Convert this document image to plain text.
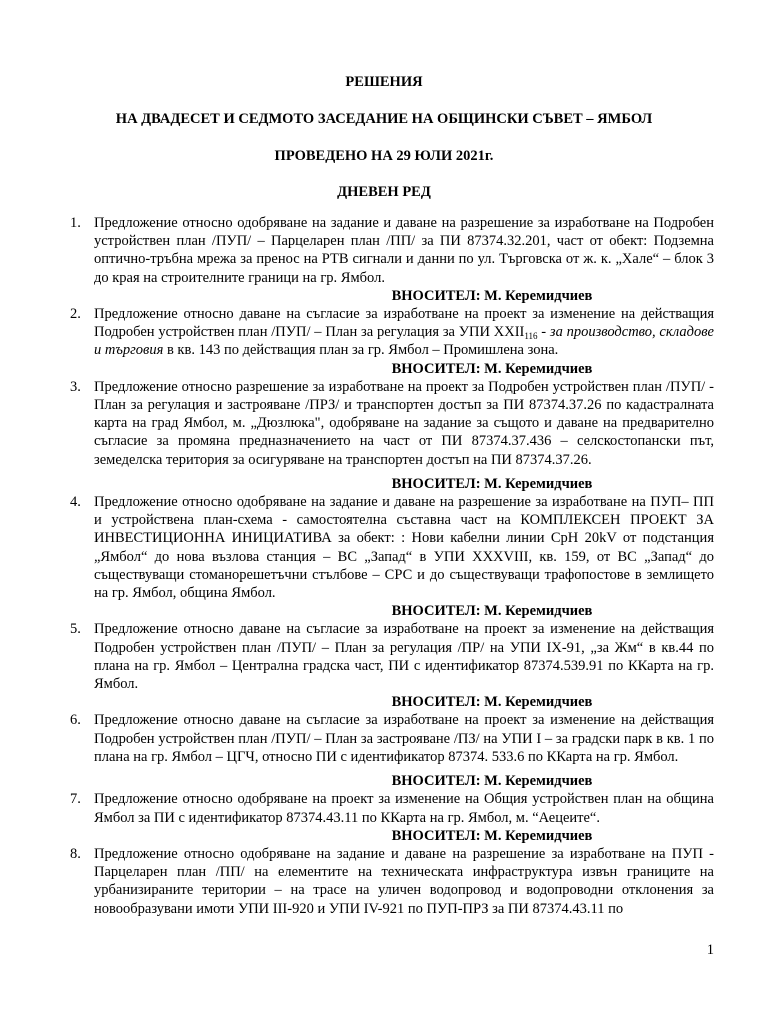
РЕШЕНИЯ
НА ДВАДЕСЕТ И СЕДМОТО ЗАСЕДАНИЕ НА ОБЩИНСКИ СЪВЕТ – ЯМБОЛ
ПРОВЕДЕНО НА 29 ЮЛИ 2021г.
ДНЕВЕН РЕД
1. Предложение относно одобряване на задание и даване на разрешение за изработване на Подробен устройствен план /ПУП/ – Парцеларен план /ПП/ за ПИ 87374.32.201, част от обект: Подземна оптично-тръбна мрежа за пренос на РТВ сигнали и данни по ул. Търговска от ж. к. „Хале“ – блок 3 до края на строителните граници на гр. Ямбол.

ВНОСИТЕЛ: М. Керемидчиев

2. Предложение относно даване на съгласие за изработване на проект за изменение на действащия Подробен устройствен план /ПУП/ – План за регулация за УПИ $XXII_{116}$ - за производство, складове и търговия в кв. 143 по действащия план за гр. Ямбол – Промишлена зона.

ВНОСИТЕЛ: М. Керемидчиев

3. Предложение относно разрешение за изработване на проект за Подробен устройствен план /ПУП/ - План за регулация и застрояване /ПРЗ/ и транспортен достъп за ПИ 87374.37.26 по кадастралната карта на град Ямбол, м. „Дюзлюка", одобряване на задание за същото и даване на предварително съгласие за промяна предназначението на част от ПИ 87374.37.436 – селскостопански път, земеделска територия за осигуряване на транспортен достъп на ПИ 87374.37.26.

ВНОСИТЕЛ: М. Керемидчиев

4. Предложение относно одобряване на задание и даване на разрешение за изработване на ПУП– ПП и устройствена план-схема - самостоятелна съставна част на КОМПЛЕКСЕН ПРОЕКТ ЗА ИНВЕСТИЦИОННА ИНИЦИАТИВА за обект: : Нови кабелни линии СрН 20kV от подстанция „Ямбол“ до нова възлова станция – ВС „Запад“ в УПИ XXXVIII, кв. 159, от ВС „Запад“ до съществуващи стоманорешетъчни стълбове – СРС и до съществуващи трафопостове в землището на гр. Ямбол, община Ямбол.

ВНОСИТЕЛ: М. Керемидчиев

5. Предложение относно даване на съгласие за изработване на проект за изменение на действащия Подробен устройствен план /ПУП/ – План за регулация /ПР/ на УПИ IX-91, „за Жм“ в кв.44 по плана на гр. Ямбол – Централна градска част, ПИ с идентификатор 87374.539.91 по ККарта на гр. Ямбол.

ВНОСИТЕЛ: М. Керемидчиев

6. Предложение относно даване на съгласие за изработване на проект за изменение на действащия Подробен устройствен план /ПУП/ – План за застрояване /ПЗ/ на УПИ I – за градски парк в кв. 1 по плана на гр. Ямбол – ЦГЧ, относно ПИ с идентификатор 87374. 533.6 по ККарта на гр. Ямбол.

ВНОСИТЕЛ: М. Керемидчиев

7. Предложение относно одобряване на проект за изменение на Общия устройствен план на община Ямбол за ПИ с идентификатор 87374.43.11 по ККарта на гр. Ямбол, м. “Аецеите“.

ВНОСИТЕЛ: М. Керемидчиев

8. Предложение относно одобряване на задание и даване на разрешение за изработване на ПУП - Парцеларен план /ПП/ на елементите на техническата инфраструктура извън границите на урбанизираните територии – на трасе на уличен водопровод и водопроводни отклонения за новообразувани имоти УПИ III-920 и УПИ IV-921 по ПУП-ПРЗ за ПИ 87374.43.11 по

1
